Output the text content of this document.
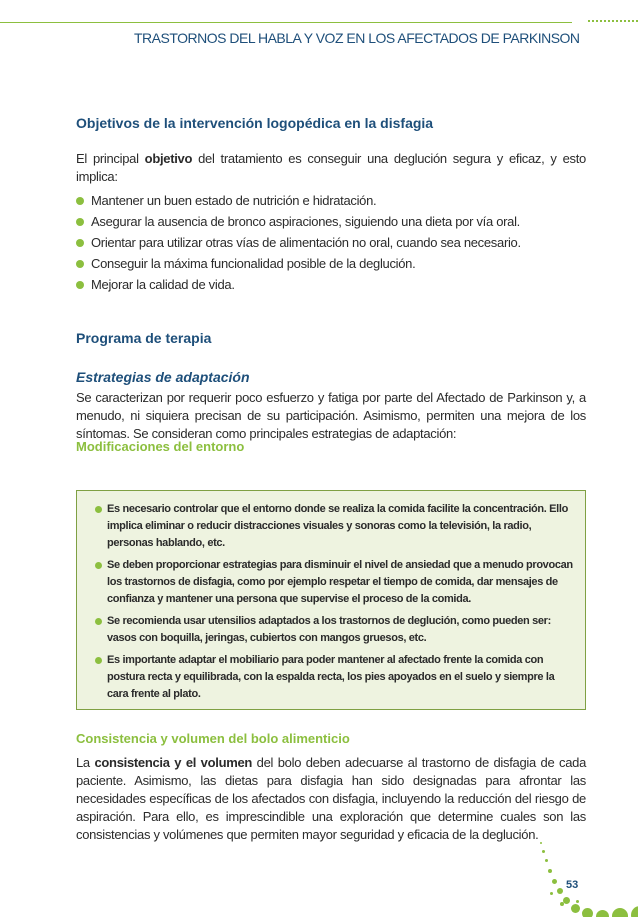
TRASTORNOS DEL HABLA Y VOZ EN LOS AFECTADOS DE PARKINSON
Objetivos de la intervención logopédica en la disfagia
El principal objetivo del tratamiento es conseguir una deglución segura y eficaz, y esto implica:
Mantener un buen estado de nutrición e hidratación.
Asegurar la ausencia de bronco aspiraciones, siguiendo una dieta por vía oral.
Orientar para utilizar otras vías de alimentación no oral, cuando sea necesario.
Conseguir la máxima funcionalidad posible de la deglución.
Mejorar la calidad de vida.
Programa de terapia
Estrategias de adaptación
Se caracterizan por requerir poco esfuerzo y fatiga por parte del Afectado de Parkinson y, a menudo, ni siquiera precisan de su participación. Asimismo, permiten una mejora de los síntomas. Se consideran como principales estrategias de adaptación:
Modificaciones del entorno
Es necesario controlar que el entorno donde se realiza la comida facilite la concentración. Ello implica eliminar o reducir distracciones visuales y sonoras como la televisión, la radio, personas hablando, etc.
Se deben proporcionar estrategias para disminuir el nivel de ansiedad que a menudo provocan los trastornos de disfagia, como por ejemplo respetar el tiempo de comida, dar mensajes de confianza y mantener una persona que supervise el proceso de la comida.
Se recomienda usar utensilios adaptados a los trastornos de deglución, como pueden ser: vasos con boquilla, jeringas, cubiertos con mangos gruesos, etc.
Es importante adaptar el mobiliario para poder mantener al afectado frente la comida con postura recta y equilibrada, con la espalda recta, los pies apoyados en el suelo y siempre la cara frente al plato.
Consistencia y volumen del bolo alimenticio
La consistencia y el volumen del bolo deben adecuarse al trastorno de disfagia de cada paciente. Asimismo, las dietas para disfagia han sido designadas para afrontar las necesidades específicas de los afectados con disfagia, incluyendo la reducción del riesgo de aspiración. Para ello, es imprescindible una exploración que determine cuales son las consistencias y volúmenes que permiten mayor seguridad y eficacia de la deglución.
53
